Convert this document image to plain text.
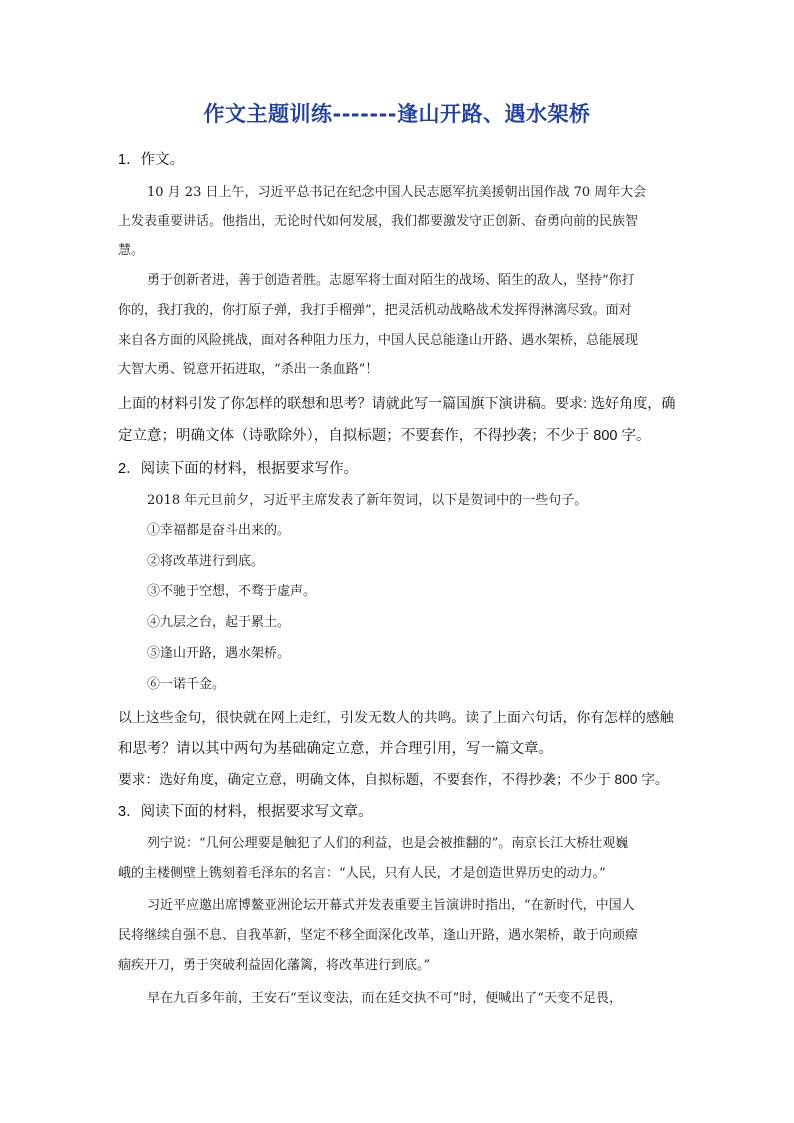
作文主题训练-------逢山开路、遇水架桥
1．作文。
10 月 23 日上午，习近平总书记在纪念中国人民志愿军抗美援朝出国作战 70 周年大会
上发表重要讲话。他指出，无论时代如何发展，我们都要激发守正创新、奋勇向前的民族智
慧。
勇于创新者进，善于创造者胜。志愿军将士面对陌生的战场、陌生的敌人，坚持“你打
你的，我打我的，你打原子弹，我打手榴弹”，把灵活机动战略战术发挥得淋漓尽致。面对
来自各方面的风险挑战，面对各种阻力压力，中国人民总能逢山开路、遇水架桥，总能展现
大智大勇、锐意开拓进取，“杀出一条血路”！
上面的材料引发了你怎样的联想和思考？请就此写一篇国旗下演讲稿。要求: 选好角度，确
定立意；明确文体（诗歌除外），自拟标题；不要套作，不得抄袭；不少于 800 字。
2．阅读下面的材料，根据要求写作。
2018 年元旦前夕，习近平主席发表了新年贺词，以下是贺词中的一些句子。
①幸福都是奋斗出来的。
②将改革进行到底。
③不驰于空想，不骛于虚声。
④九层之台，起于累土。
⑤逢山开路，遇水架桥。
⑥一诺千金。
以上这些金句，很快就在网上走红，引发无数人的共鸣。读了上面六句话，你有怎样的感触
和思考？请以其中两句为基础确定立意，并合理引用，写一篇文章。
要求：选好角度，确定立意，明确文体，自拟标题，不要套作，不得抄袭；不少于 800 字。
3．阅读下面的材料，根据要求写文章。
列宁说：“几何公理要是触犯了人们的利益，也是会被推翻的”。南京长江大桥壮观巍
峨的主楼侧壁上镌刻着毛泽东的名言：“人民，只有人民，才是创造世界历史的动力。”
习近平应邀出席博鳌亚洲论坛开幕式并发表重要主旨演讲时指出，“在新时代，中国人
民将继续自强不息、自我革新，坚定不移全面深化改革，逢山开路，遇水架桥，敢于向顽瘴
痼疾开刀，勇于突破利益固化藩篱，将改革进行到底。”
早在九百多年前，王安石“至议变法，而在廷交执不可”时，便喊出了“天变不足畏，
